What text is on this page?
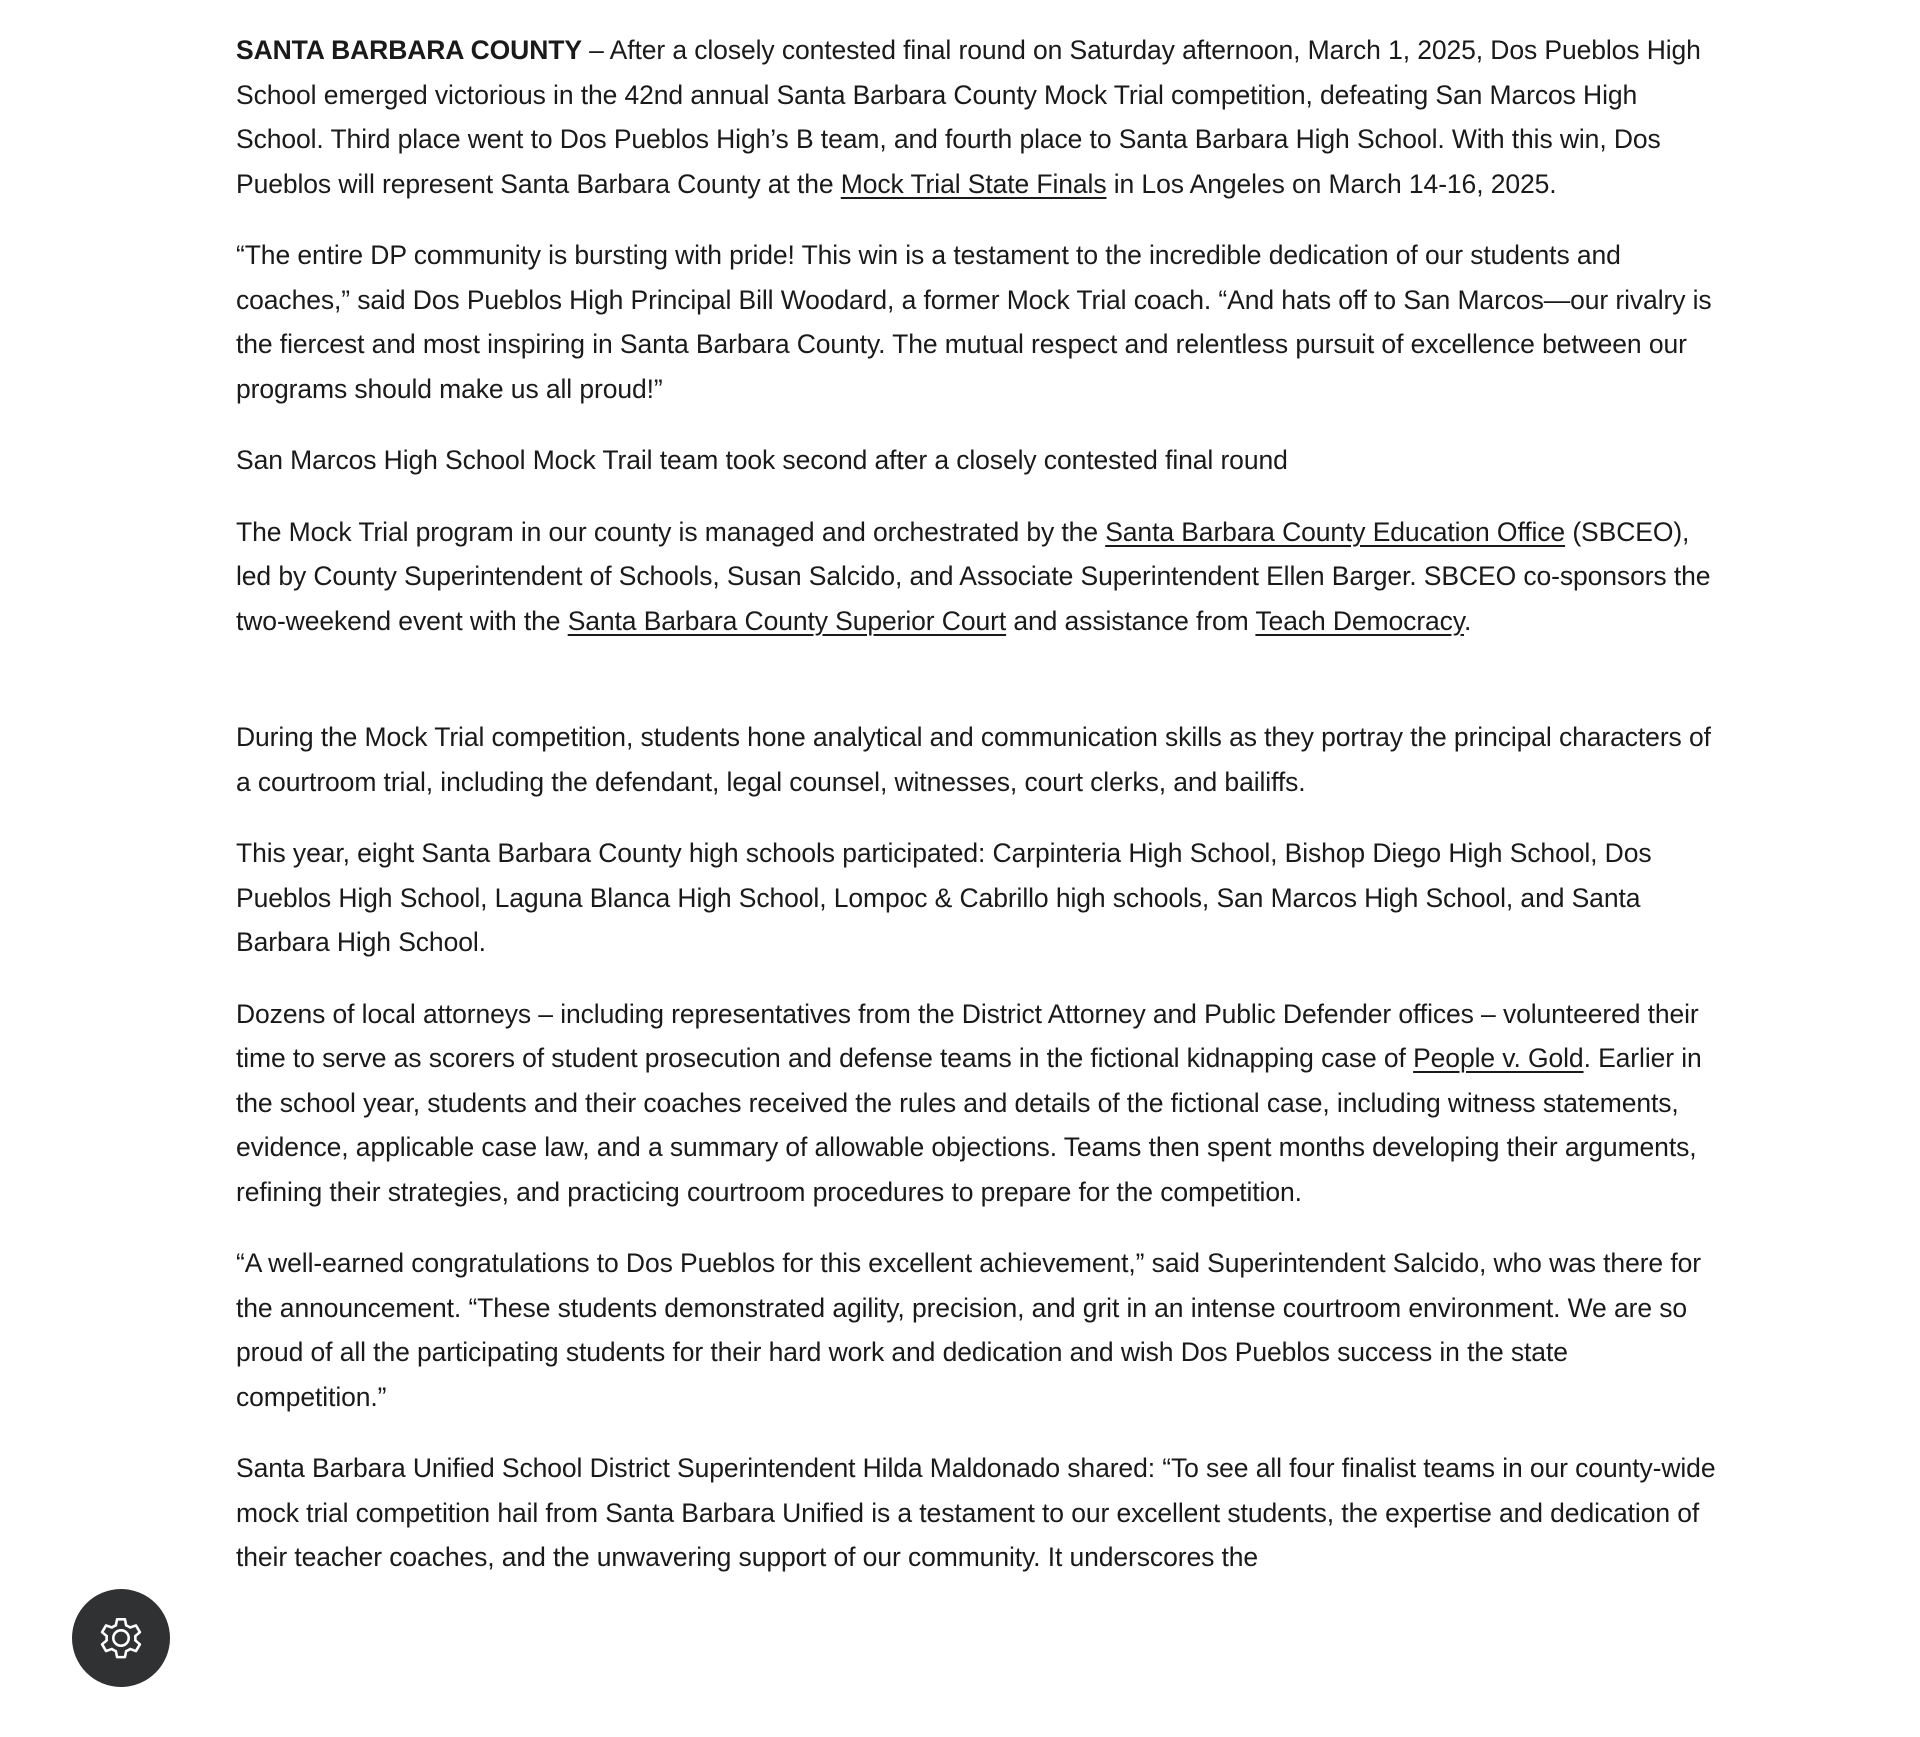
SANTA BARBARA COUNTY – After a closely contested final round on Saturday afternoon, March 1, 2025, Dos Pueblos High School emerged victorious in the 42nd annual Santa Barbara County Mock Trial competition, defeating San Marcos High School. Third place went to Dos Pueblos High’s B team, and fourth place to Santa Barbara High School. With this win, Dos Pueblos will represent Santa Barbara County at the Mock Trial State Finals in Los Angeles on March 14-16, 2025.

“The entire DP community is bursting with pride! This win is a testament to the incredible dedication of our students and coaches,” said Dos Pueblos High Principal Bill Woodard, a former Mock Trial coach. “And hats off to San Marcos—our rivalry is the fiercest and most inspiring in Santa Barbara County. The mutual respect and relentless pursuit of excellence between our programs should make us all proud!”

San Marcos High School Mock Trail team took second after a closely contested final round

The Mock Trial program in our county is managed and orchestrated by the Santa Barbara County Education Office (SBCEO), led by County Superintendent of Schools, Susan Salcido, and Associate Superintendent Ellen Barger. SBCEO co-sponsors the two-weekend event with the Santa Barbara County Superior Court and assistance from Teach Democracy.

During the Mock Trial competition, students hone analytical and communication skills as they portray the principal characters of a courtroom trial, including the defendant, legal counsel, witnesses, court clerks, and bailiffs.

This year, eight Santa Barbara County high schools participated: Carpinteria High School, Bishop Diego High School, Dos Pueblos High School, Laguna Blanca High School, Lompoc & Cabrillo high schools, San Marcos High School, and Santa Barbara High School.

Dozens of local attorneys – including representatives from the District Attorney and Public Defender offices – volunteered their time to serve as scorers of student prosecution and defense teams in the fictional kidnapping case of People v. Gold. Earlier in the school year, students and their coaches received the rules and details of the fictional case, including witness statements, evidence, applicable case law, and a summary of allowable objections. Teams then spent months developing their arguments, refining their strategies, and practicing courtroom procedures to prepare for the competition.

“A well-earned congratulations to Dos Pueblos for this excellent achievement,” said Superintendent Salcido, who was there for the announcement. “These students demonstrated agility, precision, and grit in an intense courtroom environment. We are so proud of all the participating students for their hard work and dedication and wish Dos Pueblos success in the state competition.”

Santa Barbara Unified School District Superintendent Hilda Maldonado shared: “To see all four finalist teams in our county-wide mock trial competition hail from Santa Barbara Unified is a testament to our excellent students, the expertise and dedication of their teacher coaches, and the unwavering support of our community. It underscores the
